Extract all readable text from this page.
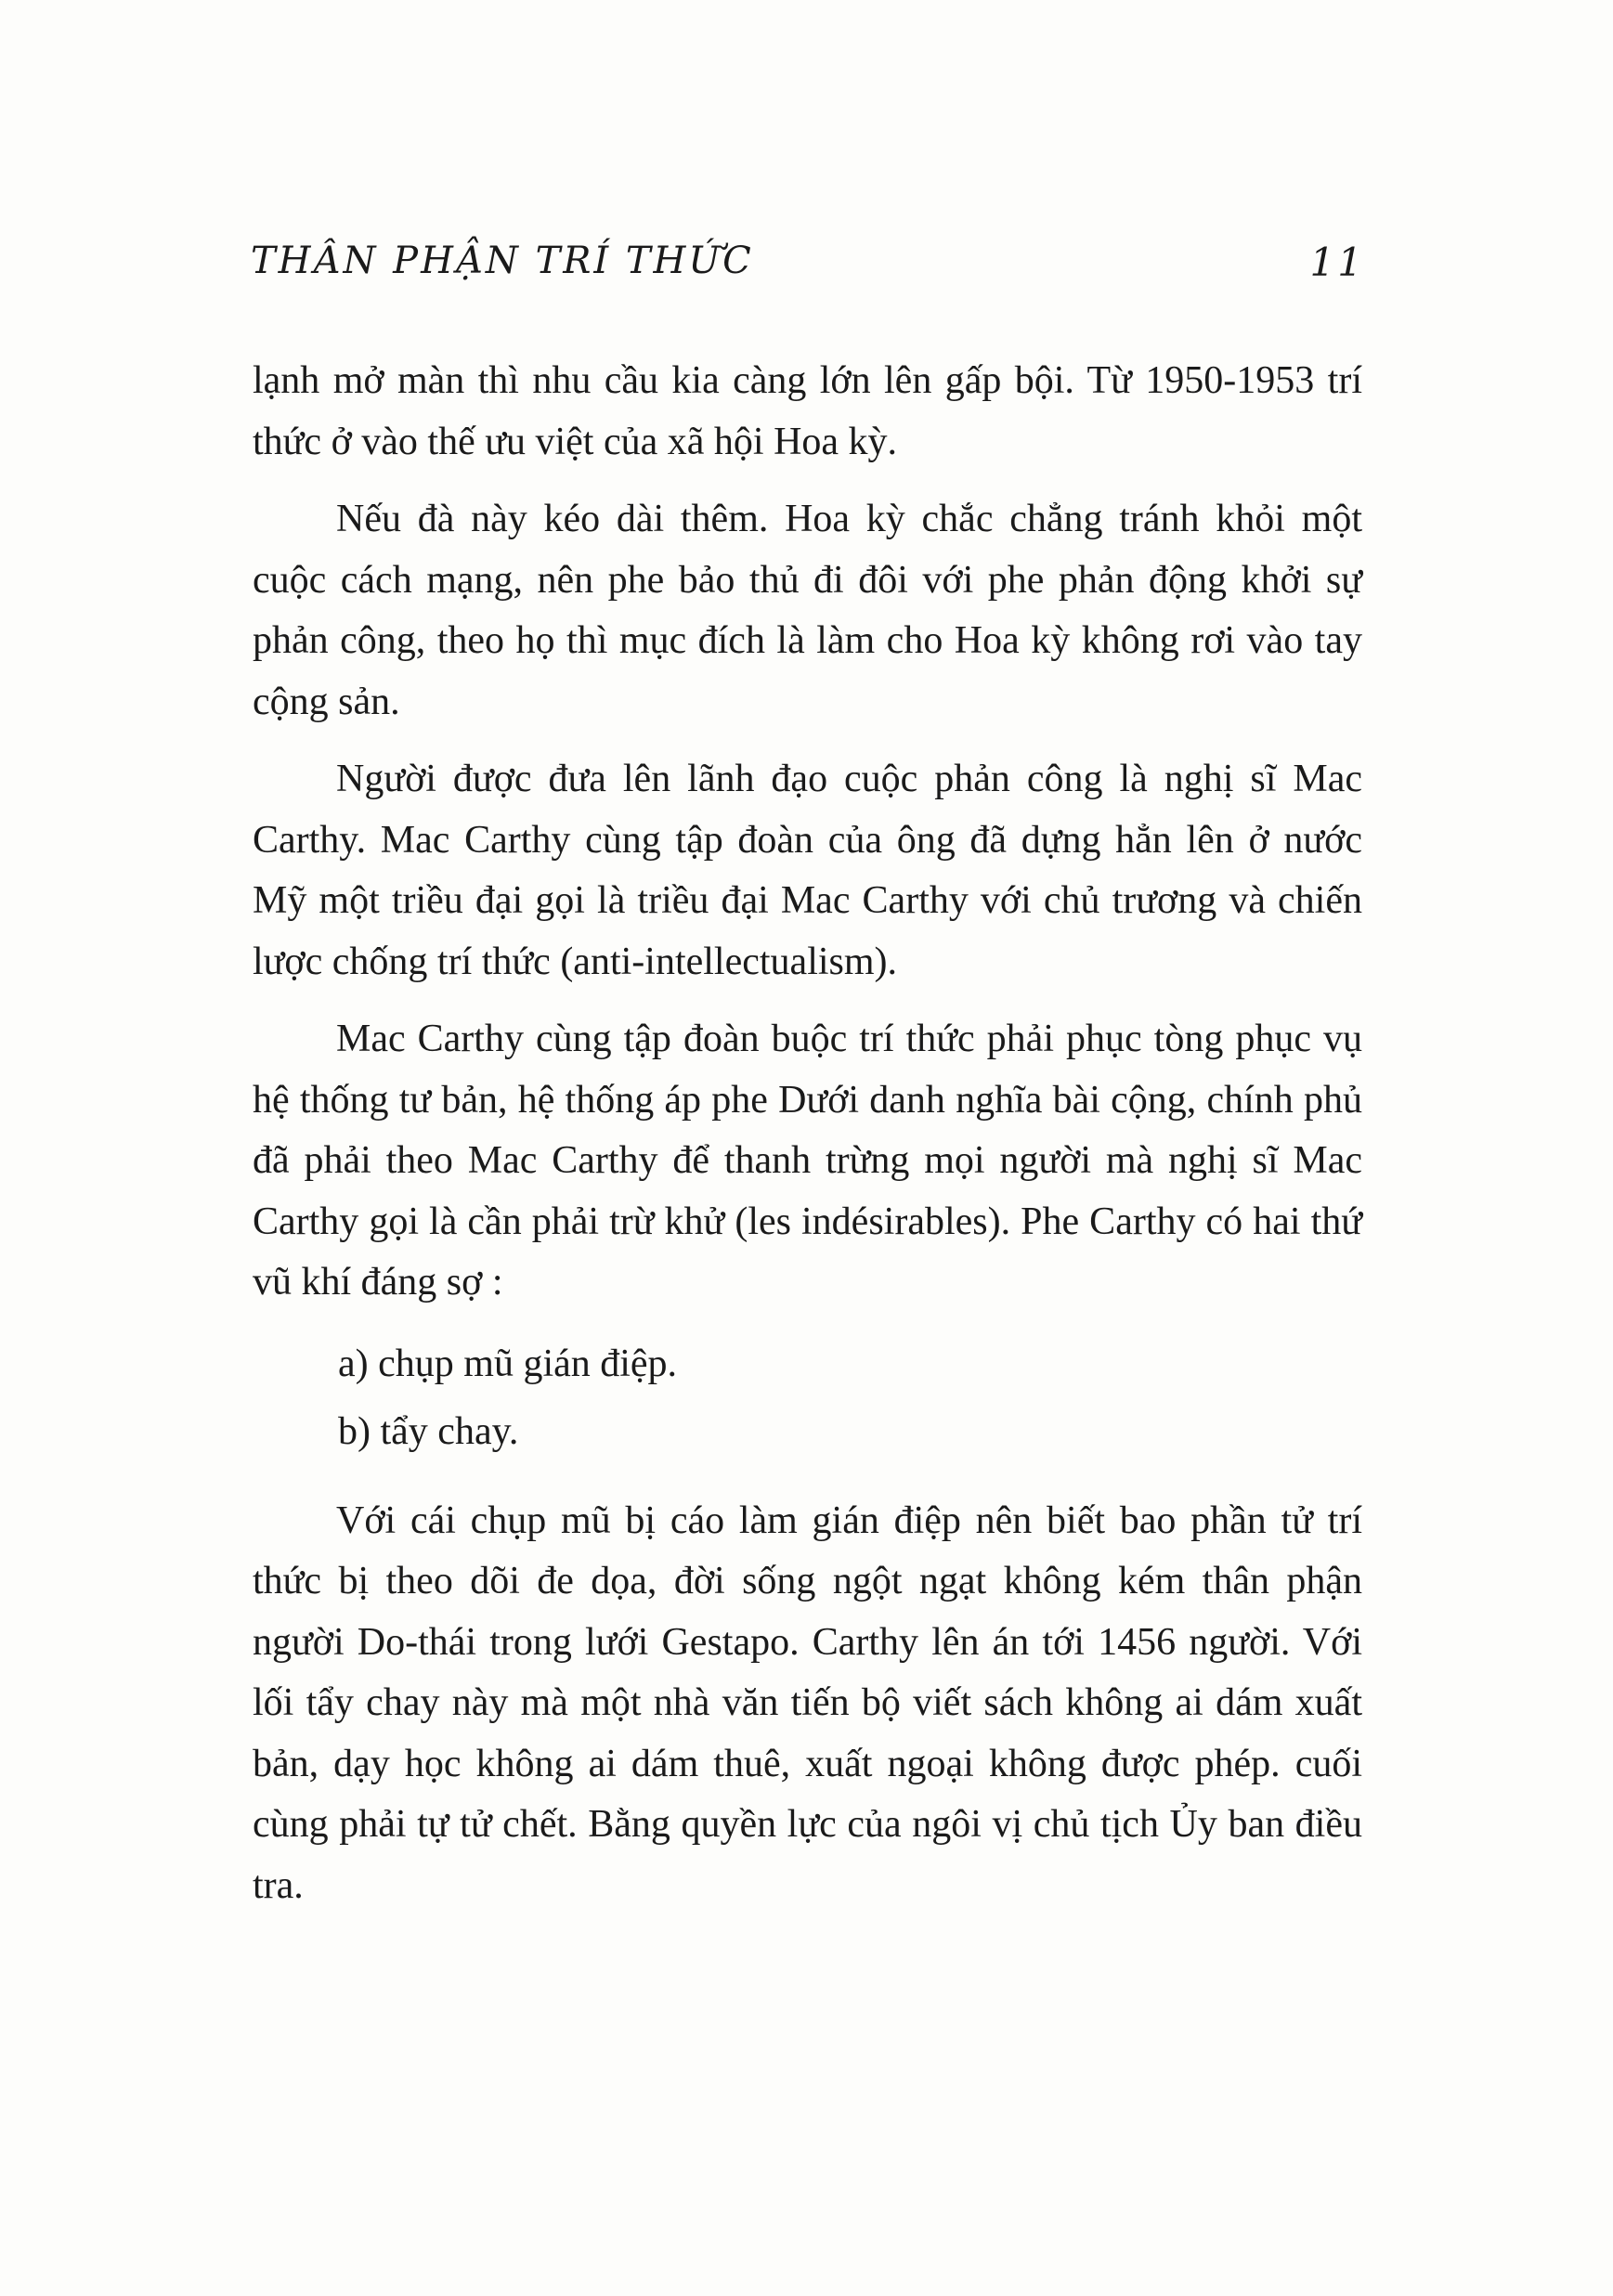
THÂN PHẬN TRÍ THỨC	11

lạnh mở màn thì nhu cầu kia càng lớn lên gấp bội. Từ 1950-1953 trí thức ở vào thế ưu việt của xã hội Hoa kỳ.

Nếu đà này kéo dài thêm. Hoa kỳ chắc chẳng tránh khỏi một cuộc cách mạng, nên phe bảo thủ đi đôi với phe phản động khởi sự phản công, theo họ thì mục đích là làm cho Hoa kỳ không rơi vào tay cộng sản.

Người được đưa lên lãnh đạo cuộc phản công là nghị sĩ Mac Carthy. Mac Carthy cùng tập đoàn của ông đã dựng hẳn lên ở nước Mỹ một triều đại gọi là triều đại Mac Carthy với chủ trương và chiến lược chống trí thức (anti-intellectualism).

Mac Carthy cùng tập đoàn buộc trí thức phải phục tòng phục vụ hệ thống tư bản, hệ thống áp phe Dưới danh nghĩa bài cộng, chính phủ đã phải theo Mac Carthy để thanh trừng mọi người mà nghị sĩ Mac Carthy gọi là cần phải trừ khử (les indésirables). Phe Carthy có hai thứ vũ khí đáng sợ :

a) chụp mũ gián điệp.

b) tẩy chay.

Với cái chụp mũ bị cáo làm gián điệp nên biết bao phần tử trí thức bị theo dõi đe dọa, đời sống ngột ngạt không kém thân phận người Do-thái trong lưới Gestapo. Carthy lên án tới 1456 người. Với lối tẩy chay này mà một nhà văn tiến bộ viết sách không ai dám xuất bản, dạy học không ai dám thuê, xuất ngoại không được phép. cuối cùng phải tự tử chết. Bằng quyền lực của ngôi vị chủ tịch Ủy ban điều tra.
